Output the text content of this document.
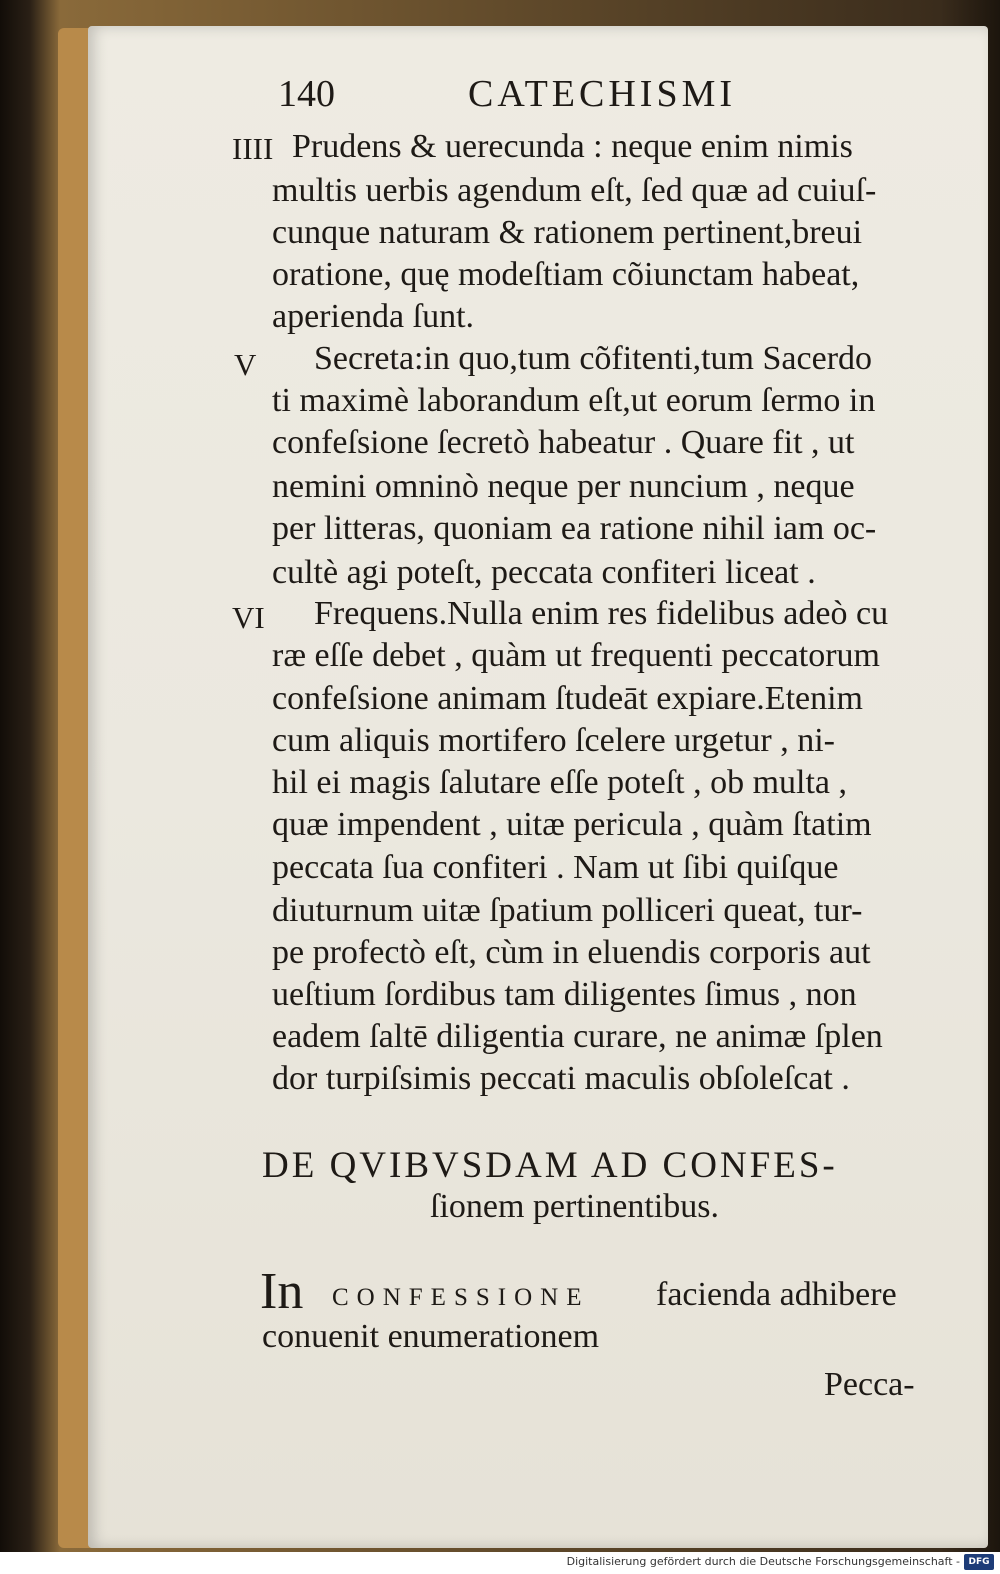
140	CATECHISMI
IIII Prudens & uerecunda : neque enim nimis
multis uerbis agendum eſt, ſed quæ ad cuiuſ-
cunque naturam & rationem pertinent,breui
oratione, quę modeſtiam cõiunctam habeat,
aperienda ſunt.
V Secreta:in quo,tum cõfitenti,tum Sacerdo
ti maximè laborandum eſt,ut eorum ſermo in
confeſsione ſecretò habeatur . Quare fit , ut
nemini omninò neque per nuncium , neque
per litteras, quoniam ea ratione nihil iam oc-
cultè agi poteſt, peccata confiteri liceat .
VI Frequens.Nulla enim res fidelibus adeò cu
ræ eſſe debet , quàm ut frequenti peccatorum
confeſsione animam ſtudeāt expiare.Etenim
cum aliquis mortifero ſcelere urgetur , ni-
hil ei magis ſalutare eſſe poteſt , ob multa ,
quæ impendent , uitæ pericula , quàm ſtatim
peccata ſua confiteri . Nam ut ſibi quiſque
diuturnum uitæ ſpatium polliceri queat, tur-
pe profectò eſt, cùm in eluendis corporis aut
ueſtium ſordibus tam diligentes ſimus , non
eadem ſaltē diligentia curare, ne animæ ſplen
dor turpiſsimis peccati maculis obſoleſcat .
DE QVIBVSDAM AD CONFES-
ſionem pertinentibus.
In CONFESSIONE facienda adhibere
conuenit enumerationem
Pecca-
Digitalisierung gefördert durch die Deutsche Forschungsgemeinschaft - DFG
